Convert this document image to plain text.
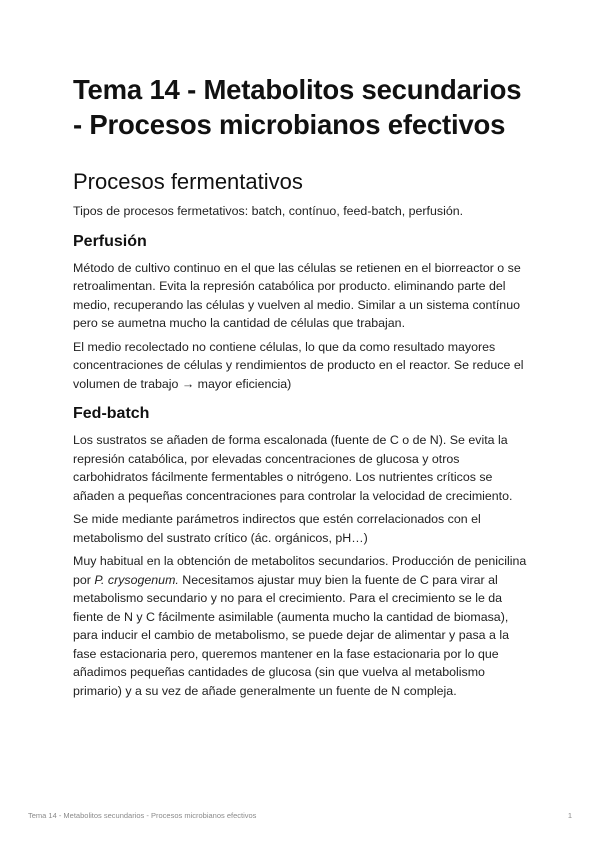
Tema 14 - Metabolitos secundarios - Procesos microbianos efectivos
Procesos fermentativos

Tipos de procesos fermetativos: batch, contínuo, feed-batch, perfusión.

Perfusión

Método de cultivo continuo en el que las células se retienen en el biorreactor o se retroalimentan. Evita la represión catabólica por producto. eliminando parte del medio, recuperando las células y vuelven al medio. Similar a un sistema contínuo pero se aumetna mucho la cantidad de células que trabajan.

El medio recolectado no contiene células, lo que da como resultado mayores concentraciones de células y rendimientos de producto en el reactor. Se reduce el volumen de trabajo → mayor eficiencia)

Fed-batch

Los sustratos se añaden de forma escalonada (fuente de C o de N). Se evita la represión catabólica, por elevadas concentraciones de glucosa y otros carbohidratos fácilmente fermentables o nitrógeno. Los nutrientes críticos se añaden a pequeñas concentraciones para controlar la velocidad de crecimiento.

Se mide mediante parámetros indirectos que estén correlacionados con el metabolismo del sustrato crítico (ác. orgánicos, pH…)

Muy habitual en la obtención de metabolitos secundarios. Producción de penicilina por P. crysogenum. Necesitamos ajustar muy bien la fuente de C para virar al metabolismo secundario y no para el crecimiento. Para el crecimiento se le da fiente de N y C fácilmente asimilable (aumenta mucho la cantidad de biomasa), para inducir el cambio de metabolismo, se puede dejar de alimentar y pasa a la fase estacionaria pero, queremos mantener en la fase estacionaria por lo que añadimos pequeñas cantidades de glucosa (sin que vuelva al metabolismo primario) y a su vez de añade generalmente un fuente de N compleja.

Tema 14 - Metabolitos secundarios - Procesos microbianos efectivos	1
